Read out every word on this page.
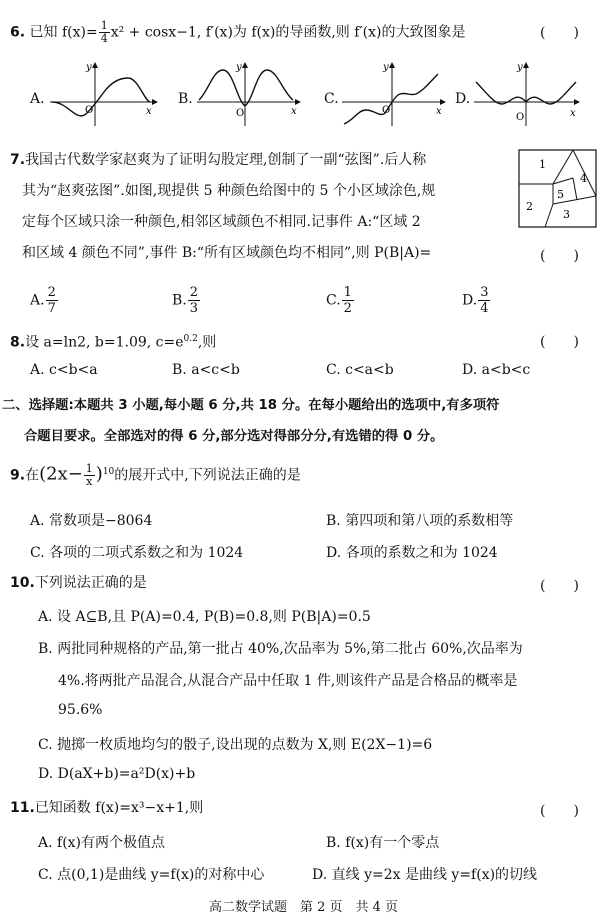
6. 已知 $f(x)= \frac{1}{4} x^2 + \cos x-1$, f′(x)为 f(x)的导函数,则 f′(x)的大致图象是	(　　)
A.
y
x
O
B.
y
x
O
C.
y
x
O
D.
y
x
O
7.我国古代数学家赵爽为了证明勾股定理,创制了一副“弦图”.后人称
其为“赵爽弦图”.如图,现提供 5 种颜色给图中的 5 个小区域涂色,规
定每个区域只涂一种颜色,相邻区域颜色不相同.记事件 A:“区域 2
和区域 4 颜色不同”,事件 B:“所有区域颜色均不相同”,则 P(B|A)=	(　　)
1
2
3
4
5
A. $\frac{2}{7}$	B. $\frac{2}{3}$	C. $\frac{1}{2}$	D. $\frac{3}{4}$
8.设 a=ln2, b=1.09, $c=e^{0.2}$,则	(　　)
A. c<b<a	B. a<c<b	C. c<a<b	D. a<b<c
二、选择题:本题共 3 小题,每小题 6 分,共 18 分。在每小题给出的选项中,有多项符
合题目要求。全部选对的得 6 分,部分选对得部分分,有选错的得 0 分。
9.在$(2x- \frac{1}{x} )^{10}$的展开式中,下列说法正确的是
A. 常数项是−8064	B. 第四项和第八项的系数相等
C. 各项的二项式系数之和为 1024	D. 各项的系数之和为 1024
10.下列说法正确的是	(　　)
A. 设 A⊆B,且 P(A)=0.4, P(B)=0.8,则 P(B|A)=0.5
B. 两批同种规格的产品,第一批占 40%,次品率为 5%,第二批占 60%,次品率为
4%.将两批产品混合,从混合产品中任取 1 件,则该件产品是合格品的概率是
95.6%
C. 抛掷一枚质地均匀的骰子,设出现的点数为 X,则 E(2X−1)=6
D. D(aX+b)=a²D(x)+b
11.已知函数 f(x)=x³−x+1,则	(　　)
A. f(x)有两个极值点	B. f(x)有一个零点
C. 点(0,1)是曲线 y=f(x)的对称中心	D. 直线 y=2x 是曲线 y=f(x)的切线
高二数学试题　第 2 页　共 4 页
